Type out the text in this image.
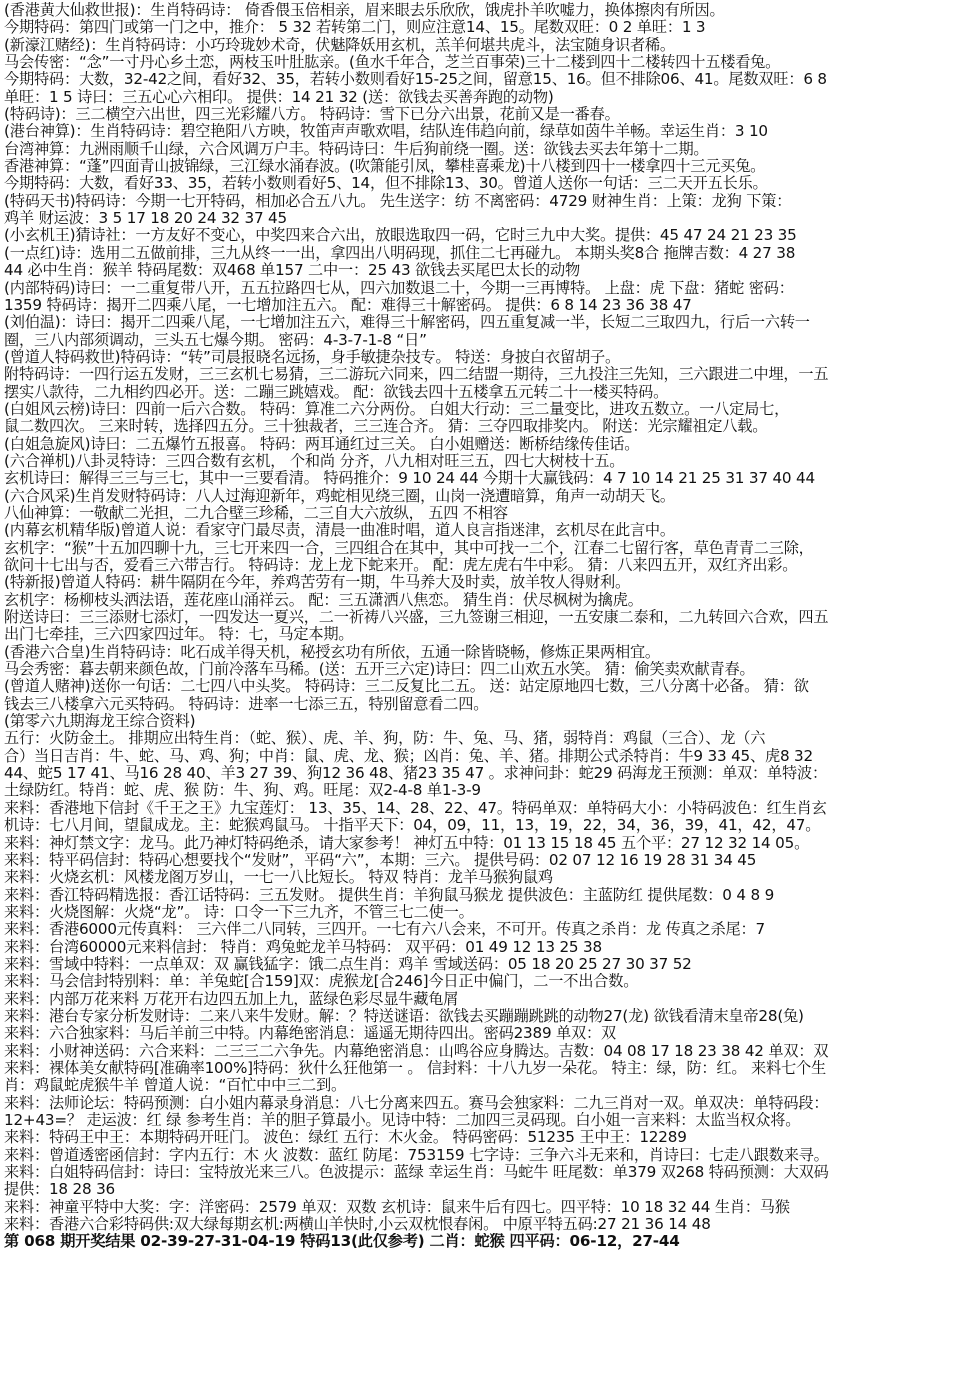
(香港黄大仙救世报)：生肖特码诗： 倚香偎玉倍相亲，眉来眼去乐欣欣，饿虎扑羊吹嘘力，换体擦肉有所因。
今期特码：第四门或第一门之中，推介： 5 32 若转第二门，则应注意14、15。尾数双旺：0 2 单旺：1 3
(新濠江赌经)：生肖特码诗：小巧玲珑妙术奇，伏魅降妖用玄机，羔羊何堪共虎斗，法宝随身识者稀。
马会传密：“念”一寸丹心乡土恋，两枝玉叶肚肱亲。(鱼水千年合，芝兰百事荣)三十二楼到四十二楼转四十五楼看兔。
今期特码：大数，32-42之间，看好32、35，若转小数则看好15-25之间，留意15、16。但不排除06、41。尾数双旺：6 8
单旺：1 5 诗曰：三五心心六相印。 提供：14 21 32 (送：欲钱去买善奔跑的动物)
(特码诗)：三二横空六出世，四三光彩耀八方。 特码诗：雪下已分六出景，花前又是一番春。
(港台神算)：生肖特码诗：碧空艳阳八方映，牧笛声声歌欢唱，结队连伟趋向前，绿草如茵牛羊畅。幸运生肖：3 10
台湾神算：九洲雨顺千山绿，六合风调万户丰。特码诗曰：牛后狗前绕一圈。送：欲钱去买去年第十二期。
香港神算：“蓬”四面青山披锦绿，三江绿水涌春波。(吹箫能引凤，攀桂喜乘龙)十八楼到四十一楼拿四十三元买兔。
今期特码：大数，看好33、35，若转小数则看好5、14，但不排除13、30。曾道人送你一句话：三二天开五长乐。
(特码天书)特码诗：今期一七开特码，相加必合五八九。 先生送字：纺 不离密码：4729 财神生肖：上策：龙狗 下策：
鸡羊 财运波：3 5 17 18 20 24 32 37 45
(小玄机王)猜诗社：一方友好不变心，中奖四来合六出，放眼选取四一码，它时三九中大奖。提供：45 47 24 21 23 35
(一点红)诗：选用二五做前排，三九从终一一出，拿四出八明码现，抓住二七再碰九。 本期头奖8合 拖牌吉数：4 27 38
44 必中生肖：猴羊 特码尾数：双468 单157 二中一：25 43 欲钱去买尾巴太长的动物
(内部特码)诗曰：一二重复带八开，五五拉路四七从，四六加数退二十，今期一三再博特。 上盘：虎 下盘：猪蛇 密码：
1359 特码诗：揭开二四乘八尾，一七增加注五六。 配：难得三十解密码。 提供：6 8 14 23 36 38 47
(刘伯温)：诗曰：揭开二四乘八尾，一七增加注五六，难得三十解密码，四五重复减一半，长短二三取四九，行后一六转一
圈，三八内部须调动，三头五七爆今期。 密码：4-3-7-1-8 “日”
(曾道人特码救世)特码诗：“转”司晨报晓名远扬，身手敏捷杂技专。 特送：身披白衣留胡子。
附特码诗：一四行运五发财，三三玄机七易猜，三二游玩六同来，四二结盟一期待，三九投注三先知，三六跟进二中埋，一五
摆实八款待，二九相约四必开。送：二蹦三跳嬉戏。 配：欲钱去四十五楼拿五元转二十一楼买特码。
(白姐风云榜)诗曰：四前一后六合数。 特码：算准二六分两份。 白姐大行动：三二量变比，进攻五数立。一八定局七，
鼠二数四次。 三来时转，选择四五分。三十独裁者，三三连合齐。 猜：三夺四取排奖内。 附送：光宗耀祖定八载。
(白姐急旋风)诗曰：二五爆竹五报喜。 特码：两耳通红过三关。 白小姐赠送：断桥结缘传佳话。
(六合禅机)八卦灵特诗：三四合数有玄机， 个和尚 分齐，八九相对旺三五，四七大树枝十五。
玄机诗曰：解得三三与三七，其中一三要看清。 特码推介：9 10 24 44 今期十大赢钱码：4 7 10 14 21 25 31 37 40 44
(六合风采)生肖发财特码诗：八人过海迎新年，鸡蛇相见绕三圈，山岗一浇遭暗算，角声一动胡天飞。
八仙神算：一敬献二光担，二九合壁三珍稀，二三自大六放纵， 五四 不相容
(内幕玄机精华版)曾道人说：看家守门最尽责，清晨一曲准时唱，道人良言指迷津，玄机尽在此言中。
玄机字：“猴”十五加四聊十九，三七开来四一合，三四组合在其中，其中可找一二个，江春二七留行客，草色青青二三除，
欲问十七出与否，爱看三六带吉行。 特码诗：龙上龙下蛇来开。 配：虎左虎右牛中彩。 猜：八来四五开，双红齐出彩。
(特新报)曾道人特码：耕牛隔阴在今年，养鸡苦劳有一期，牛马养大及时卖，放羊牧人得财利。
玄机字：杨柳枝头洒法语，莲花座山涌祥云。 配：三五潇洒八焦恋。 猜生肖：伏尽枫树为擒虎。
附送诗曰：三三添财七添灯，一四发达一夏兴，二一祈祷八兴盛，三九签谢三相迎，一五安康二泰和，二九转回六合欢，四五
出门七牵挂，三六四家四过年。 特：七，马定本期。
(香港六合皇)生肖特码诗：叱石成羊得天机，秘授玄功有所依，五通一除皆晓畅，修炼正果两相宜。
马会秀密：暮去朝来颜色故，门前冷落车马稀。(送：五开三六定)诗曰：四二山欢五水笑。 猜：偷笑卖欢献青春。
(曾道人赌神)送你一句话：二七四八中头奖。 特码诗：三二反复比二五。 送：站定原地四七数，三八分离十必备。 猜：欲
钱去三八楼拿六元买特码。 特码诗：进率一七添三五，特别留意看二四。
(第零六九期海龙王综合资料)
五行：火防金土。 排期应出特生肖：（蛇、猴）、虎、羊、狗，防：牛、兔、马、猪，弱特肖：鸡鼠（三合）、龙（六
合）当日吉肖：牛、蛇、马、鸡、狗；中肖：鼠、虎、龙、猴；凶肖：兔、羊、猪。排期公式杀特肖：牛9 33 45、虎8 32
44、蛇5 17 41、马16 28 40、羊3 27 39、狗12 36 48、猪23 35 47 。求神问卦：蛇29 码海龙王预测：单双：单特波：
土绿防红。特肖：蛇、虎、猴 防：牛、狗、鸡。旺尾：双2-4-8 单1-3-9
来料：香港地下信封《千王之王》九宝莲灯： 13、35、14、28、22、47。特码单双：单特码大小：小特码波色：红生肖玄
机诗：七八月间，望鼠成龙。主：蛇猴鸡鼠马。 十指平天下：04，09，11，13，19，22，34，36，39，41，42，47。
来料：神灯禁文字：龙马。此乃神灯特码绝杀，请大家参考！ 神灯五中特：01 13 15 18 45 五个平：27 12 32 14 05。
来料：特平码信封：特码心想要找个“发财”，平码“六”，本期：三六。 提供号码：02 07 12 16 19 28 31 34 45
来料：火烧玄机：风楼龙阁万岁山，一七一八比短长。 特双 特肖：龙羊马猴狗鼠鸡
来料：香江特码精选报：香江话特码：三五发财。 提供生肖：羊狗鼠马猴龙 提供波色：主蓝防红 提供尾数：0 4 8 9
来料：火烧图解：火烧“龙”。 诗：口令一下三九齐，不管三七二使一。
来料：香港6000元传真料： 三六伴二八同转，三四开。一七有六八会来，不可开。传真之杀肖：龙 传真之杀尾：7
来料：台湾60000元来料信封： 特肖：鸡兔蛇龙羊马特码： 双平码：01 49 12 13 25 38
来料：雪域中特料：一点单双：双 赢钱猛字：饿二点生肖：鸡羊 雪域送码：05 18 20 25 27 30 37 52
来料：马会信封特别料：单：羊兔蛇[合159]双：虎猴龙[合246]今日正中偏门，二一不出合数。
来料：内部万花来料 万花开右边四五加上九，蓝绿色彩尽显牛藏龟屑
来料：港台专家分析发财诗：二来八来牛发财。解：？特送谜语：欲钱去买蹦蹦跳跳的动物27(龙) 欲钱看清末皇帝28(兔)
来料：六合独家料：马后羊前三中特。内幕绝密消息：遥遥无期待四出。密码2389 单双：双
来料：小财神送码：六合来料：二三三二六争先。内幕绝密消息：山鸣谷应身腾达。吉数：04 08 17 18 23 38 42 单双：双
来料：裸体美女献特码[准确率100%]特码：狄什么狂他第一 。 信封料：十八九岁一朵花。 特主：绿，防：红。 来料七个生
肖：鸡鼠蛇虎猴牛羊 曾道人说：“百忙中中三二到。
来料：法师论坛：特码预测：白小姐内幕录身消息：八七分离来四五。赛马会独家料：二九三肖对一双。单双决：单特码段：
12+43=？ 走运波：红 绿 参考生肖：羊的胆子算最小。见诗中特：二加四三灵码现。白小姐一言来料：太监当权众将。
来料：特码王中王：本期特码开旺门。 波色：绿红 五行：木火金。 特码密码：51235 王中王：12289
来料：曾道透密函信封：字内五行：木 火 波数：蓝红 防尾：753159 七字诗：三争六斗无来和，肖诗曰：七走八跟数来寻。
来料：白姐特码信封：诗曰：宝特放光来三八。色波提示：蓝绿 幸运生肖：马蛇牛 旺尾数：单379 双268 特码预测：大双码
提供：18 28 36
来料：神童平特中大奖：字：洋密码：2579 单双：双数 玄机诗：鼠来牛后有四七。四平特：10 18 32 44 生肖：马猴
来料：香港六合彩特码供:双大绿每期玄机:两横山羊快时,小云双枕恨春闲。 中原平特五码:27 21 36 14 48
第 068 期开奖结果 02-39-27-31-04-19 特码13(此仅参考) 二肖：蛇猴 四平码：06-12，27-44
